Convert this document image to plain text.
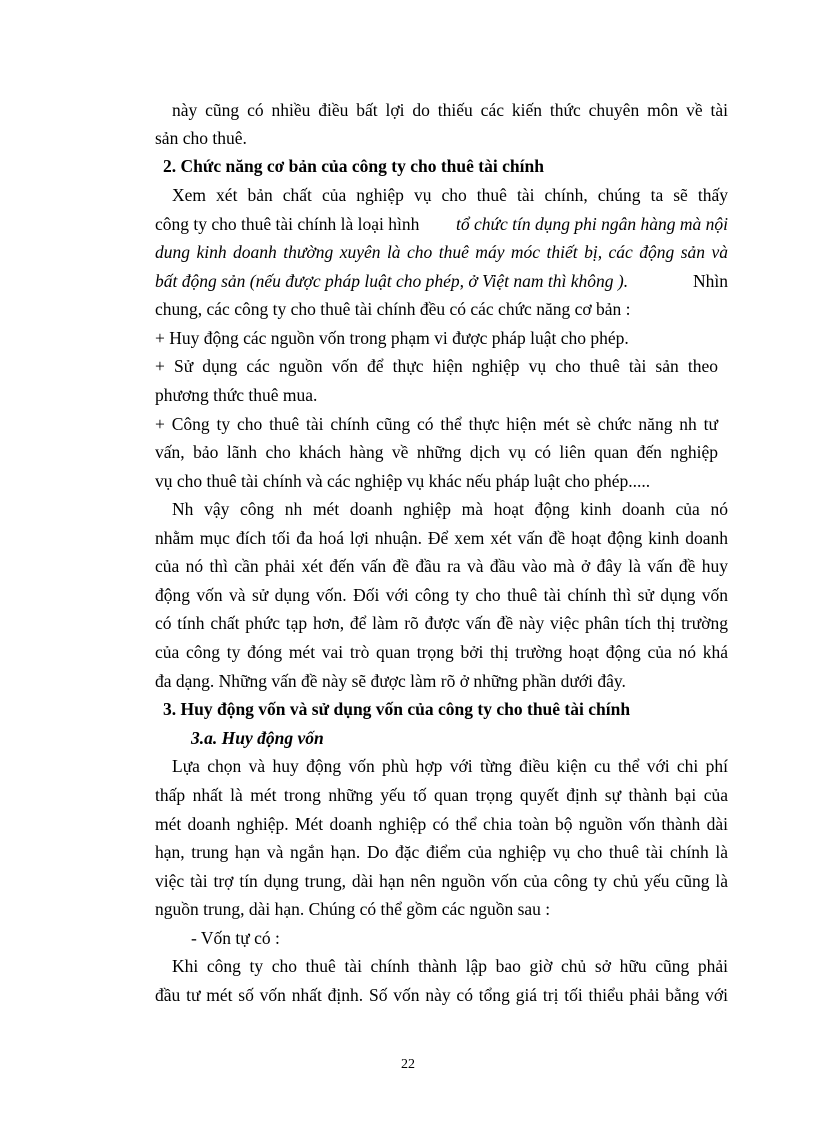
này cũng có nhiều điều bất lợi do thiếu các kiến thức chuyên môn về tài
sản cho thuê.
2. Chức năng cơ bản của công ty cho thuê tài chính
Xem xét bản chất của nghiệp vụ cho thuê tài chính, chúng ta sẽ thấy
công ty cho thuê tài chính là loại hình tổ chức tín dụng phi ngân hàng mà nội
dung kinh doanh thường xuyên là cho thuê máy móc thiết bị, các động sản và
bất động sản (nếu được pháp luật cho phép, ở Việt nam thì không ).	Nhìn
chung, các công ty cho thuê tài chính đều có các chức năng cơ bản :
+ Huy động các nguồn vốn trong phạm vi được pháp luật cho phép.
+ Sử dụng các nguồn vốn để thực hiện nghiệp vụ cho thuê tài sản theo
phương thức thuê mua.
+ Công ty cho thuê tài chính cũng có thể thực hiện mét sè chức năng nh tư
vấn, bảo lãnh cho khách hàng về những dịch vụ có liên quan đến nghiệp
vụ cho thuê tài chính và các nghiệp vụ khác nếu pháp luật cho phép.....
Nh vậy công nh mét doanh nghiệp mà hoạt động kinh doanh của nó
nhằm mục đích tối đa hoá lợi nhuận. Để xem xét vấn đề hoạt động kinh doanh
của nó thì cần phải xét đến vấn đề đầu ra và đầu vào mà ở đây là vấn đề huy
động vốn và sử dụng vốn. Đối với công ty cho thuê tài chính thì sử dụng vốn
có tính chất phức tạp hơn, để làm rõ được vấn đề này việc phân tích thị trường
của công ty đóng mét vai trò quan trọng bởi thị trường hoạt động của nó khá
đa dạng. Những vấn đề này sẽ được làm rõ ở những phần dưới đây.
3. Huy động vốn và sử dụng vốn của công ty cho thuê tài chính
3.a. Huy động vốn
Lựa chọn và huy động vốn phù hợp với từng điều kiện cu thể với chi phí
thấp nhất là mét trong những yếu tố quan trọng quyết định sự thành bại của
mét doanh nghiệp. Mét doanh nghiệp có thể chia toàn bộ nguồn vốn thành dài
hạn, trung hạn và ngắn hạn. Do đặc điểm của nghiệp vụ cho thuê tài chính là
việc tài trợ tín dụng trung, dài hạn nên nguồn vốn của công ty chủ yếu cũng là
nguồn trung, dài hạn. Chúng có thể gồm các nguồn sau :
- Vốn tự có :
Khi công ty cho thuê tài chính thành lập bao giờ chủ sở hữu cũng phải
đầu tư mét số vốn nhất định. Số vốn này có tổng giá trị tối thiểu phải bằng với
22
